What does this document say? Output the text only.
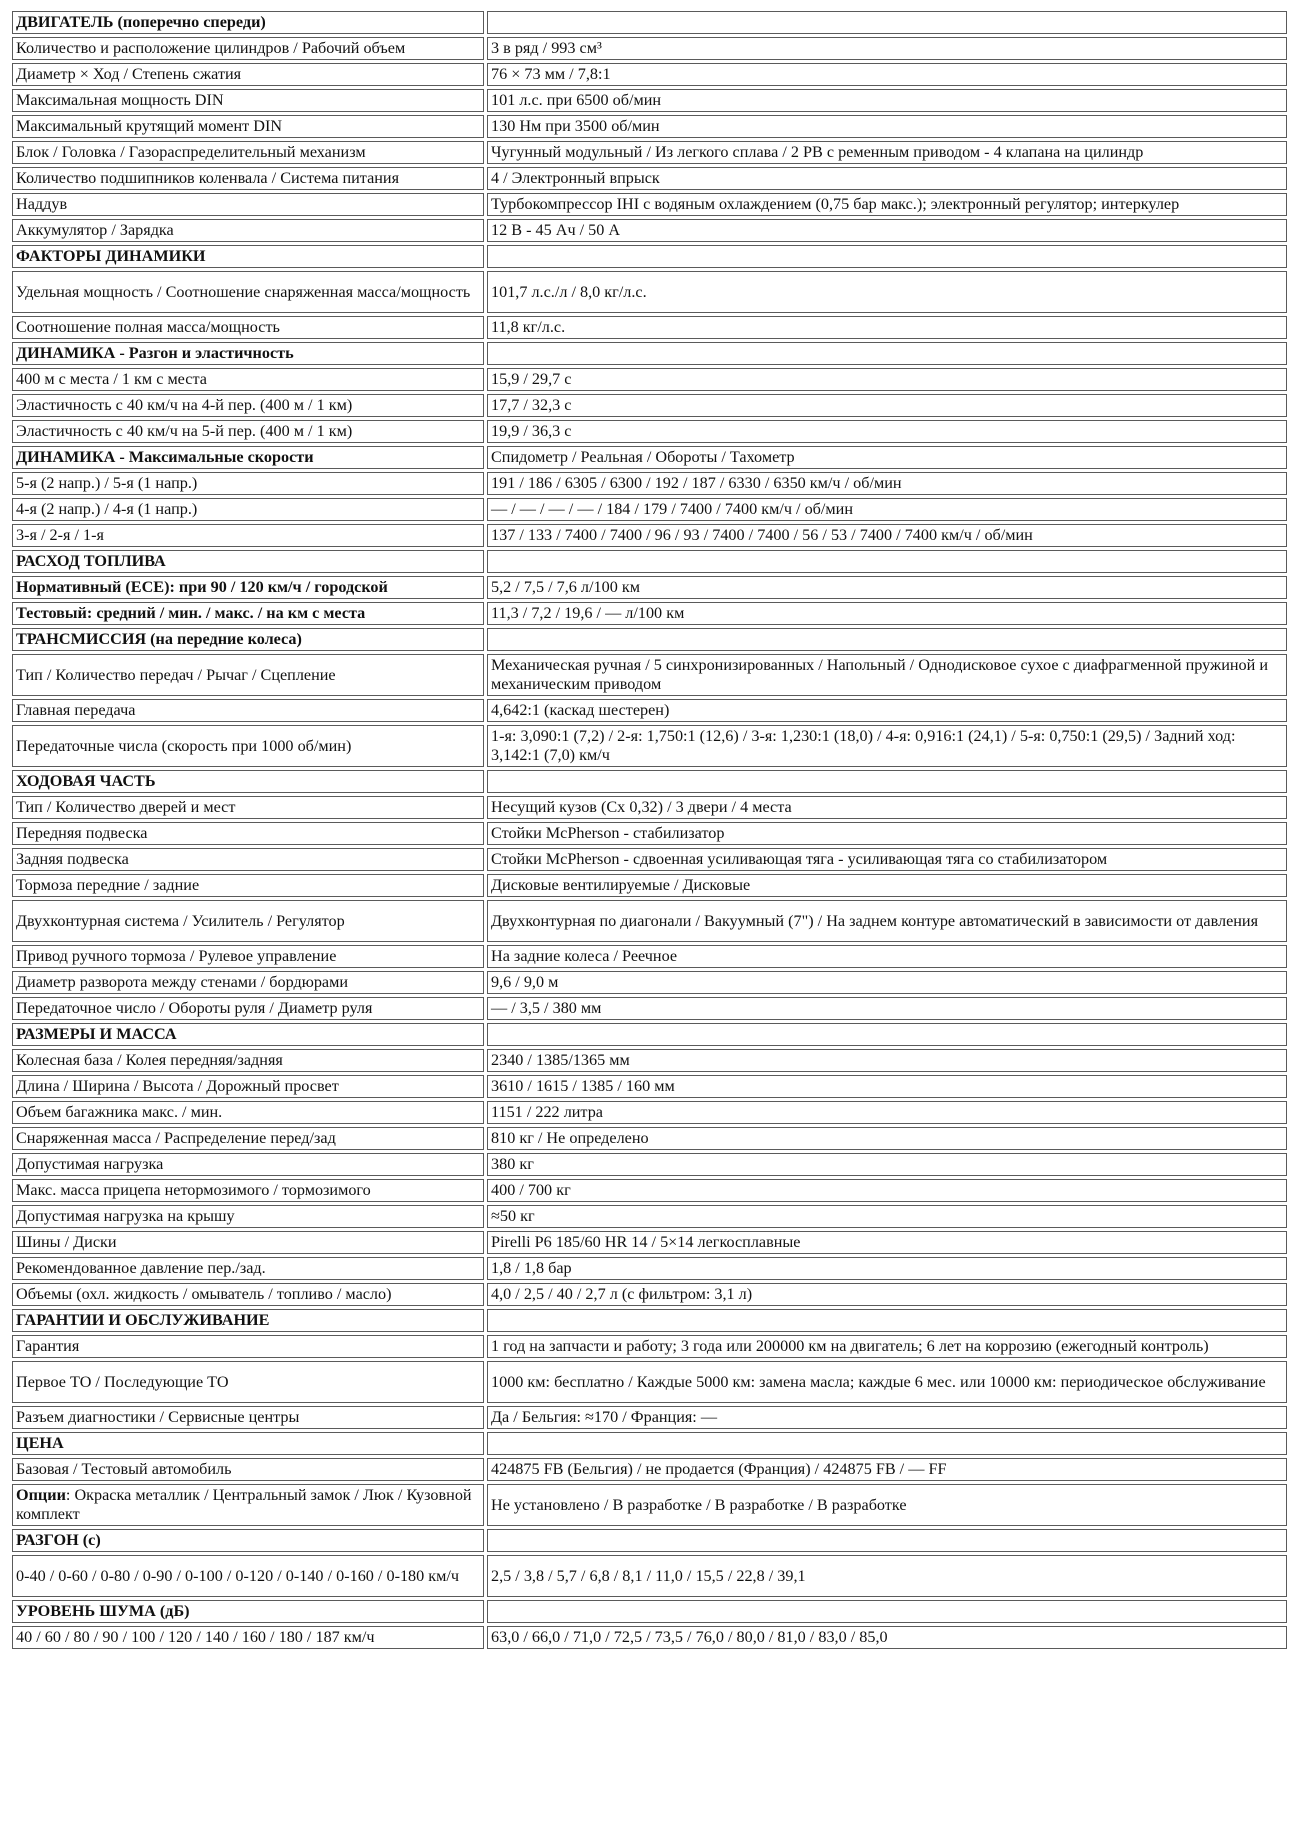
ДВИГАТЕЛЬ (поперечно спереди)	
Количество и расположение цилиндров / Рабочий объем	3 в ряд / 993 см³
Диаметр × Ход / Степень сжатия	76 × 73 мм / 7,8:1
Максимальная мощность DIN	101 л.с. при 6500 об/мин
Максимальный крутящий момент DIN	130 Нм при 3500 об/мин
Блок / Головка / Газораспределительный механизм	Чугунный модульный / Из легкого сплава / 2 РВ с ременным приводом - 4 клапана на цилиндр
Количество подшипников коленвала / Система питания	4 / Электронный впрыск
Наддув	Турбокомпрессор IHI с водяным охлаждением (0,75 бар макс.); электронный регулятор; интеркулер
Аккумулятор / Зарядка	12 В - 45 Ач / 50 А
ФАКТОРЫ ДИНАМИКИ	
Удельная мощность / Соотношение снаряженная масса/мощность	101,7 л.с./л / 8,0 кг/л.с.
Соотношение полная масса/мощность	11,8 кг/л.с.
ДИНАМИКА - Разгон и эластичность	
400 м с места / 1 км с места	15,9 / 29,7 с
Эластичность с 40 км/ч на 4-й пер. (400 м / 1 км)	17,7 / 32,3 с
Эластичность с 40 км/ч на 5-й пер. (400 м / 1 км)	19,9 / 36,3 с
ДИНАМИКА - Максимальные скорости	Спидометр / Реальная / Обороты / Тахометр
5-я (2 напр.) / 5-я (1 напр.)	191 / 186 / 6305 / 6300 / 192 / 187 / 6330 / 6350 км/ч / об/мин
4-я (2 напр.) / 4-я (1 напр.)	— / — / — / — / 184 / 179 / 7400 / 7400 км/ч / об/мин
3-я / 2-я / 1-я	137 / 133 / 7400 / 7400 / 96 / 93 / 7400 / 7400 / 56 / 53 / 7400 / 7400 км/ч / об/мин
РАСХОД ТОПЛИВА	
Нормативный (ECE): при 90 / 120 км/ч / городской	5,2 / 7,5 / 7,6 л/100 км
Тестовый: средний / мин. / макс. / на км с места	11,3 / 7,2 / 19,6 / — л/100 км
ТРАНСМИССИЯ (на передние колеса)	
Тип / Количество передач / Рычаг / Сцепление	Механическая ручная / 5 синхронизированных / Напольный / Однодисковое сухое с диафрагменной пружиной и механическим приводом
Главная передача	4,642:1 (каскад шестерен)
Передаточные числа (скорость при 1000 об/мин)	1-я: 3,090:1 (7,2) / 2-я: 1,750:1 (12,6) / 3-я: 1,230:1 (18,0) / 4-я: 0,916:1 (24,1) / 5-я: 0,750:1 (29,5) / Задний ход: 3,142:1 (7,0) км/ч
ХОДОВАЯ ЧАСТЬ	
Тип / Количество дверей и мест	Несущий кузов (Cx 0,32) / 3 двери / 4 места
Передняя подвеска	Стойки McPherson - стабилизатор
Задняя подвеска	Стойки McPherson - сдвоенная усиливающая тяга - усиливающая тяга со стабилизатором
Тормоза передние / задние	Дисковые вентилируемые / Дисковые
Двухконтурная система / Усилитель / Регулятор	Двухконтурная по диагонали / Вакуумный (7") / На заднем контуре автоматический в зависимости от давления
Привод ручного тормоза / Рулевое управление	На задние колеса / Реечное
Диаметр разворота между стенами / бордюрами	9,6 / 9,0 м
Передаточное число / Обороты руля / Диаметр руля	— / 3,5 / 380 мм
РАЗМЕРЫ И МАССА	
Колесная база / Колея передняя/задняя	2340 / 1385/1365 мм
Длина / Ширина / Высота / Дорожный просвет	3610 / 1615 / 1385 / 160 мм
Объем багажника макс. / мин.	1151 / 222 литра
Снаряженная масса / Распределение перед/зад	810 кг / Не определено
Допустимая нагрузка	380 кг
Макс. масса прицепа нетормозимого / тормозимого	400 / 700 кг
Допустимая нагрузка на крышу	≈50 кг
Шины / Диски	Pirelli P6 185/60 HR 14 / 5×14 легкосплавные
Рекомендованное давление пер./зад.	1,8 / 1,8 бар
Объемы (охл. жидкость / омыватель / топливо / масло)	4,0 / 2,5 / 40 / 2,7 л (с фильтром: 3,1 л)
ГАРАНТИИ И ОБСЛУЖИВАНИЕ	
Гарантия	1 год на запчасти и работу; 3 года или 200000 км на двигатель; 6 лет на коррозию (ежегодный контроль)
Первое ТО / Последующие ТО	1000 км: бесплатно / Каждые 5000 км: замена масла; каждые 6 мес. или 10000 км: периодическое обслуживание
Разъем диагностики / Сервисные центры	Да / Бельгия: ≈170 / Франция: —
ЦЕНА	
Базовая / Тестовый автомобиль	424875 FB (Бельгия) / не продается (Франция) / 424875 FB / — FF
Опции: Окраска металлик / Центральный замок / Люк / Кузовной комплект	Не установлено / В разработке / В разработке / В разработке
РАЗГОН (с)	
0-40 / 0-60 / 0-80 / 0-90 / 0-100 / 0-120 / 0-140 / 0-160 / 0-180 км/ч	2,5 / 3,8 / 5,7 / 6,8 / 8,1 / 11,0 / 15,5 / 22,8 / 39,1
УРОВЕНЬ ШУМА (дБ)	
40 / 60 / 80 / 90 / 100 / 120 / 140 / 160 / 180 / 187 км/ч	63,0 / 66,0 / 71,0 / 72,5 / 73,5 / 76,0 / 80,0 / 81,0 / 83,0 / 85,0
